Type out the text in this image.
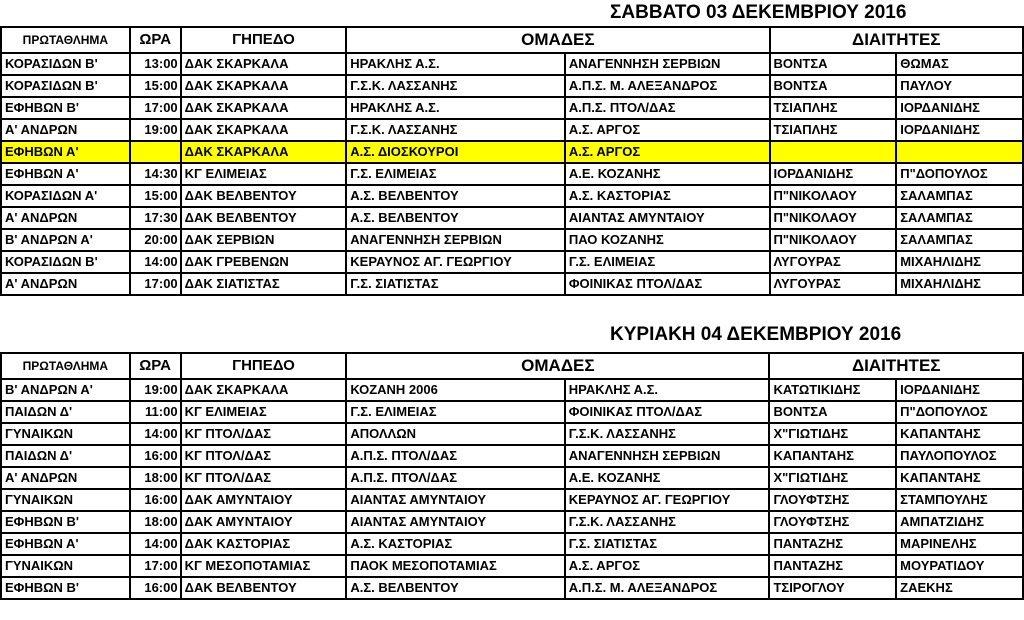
ΣΑΒΒΑΤΟ 03 ΔΕΚΕΜΒΡΙΟΥ 2016
ΠΡΩΤΑΘΛΗΜΑ	ΩΡΑ	ΓΗΠΕΔΟ	ΟΜΑΔΕΣ		ΔΙΑΙΤΗΤΕΣ	
ΚΟΡΑΣΙΔΩΝ Β'	13:00	ΔΑΚ ΣΚΑΡΚΑΛΑ	ΗΡΑΚΛΗΣ Α.Σ.	ΑΝΑΓΕΝΝΗΣΗ ΣΕΡΒΙΩΝ	ΒΟΝΤΣΑ	ΘΩΜΑΣ
ΚΟΡΑΣΙΔΩΝ Β'	15:00	ΔΑΚ ΣΚΑΡΚΑΛΑ	Γ.Σ.Κ. ΛΑΣΣΑΝΗΣ	Α.Π.Σ. Μ. ΑΛΕΞΑΝΔΡΟΣ	ΒΟΝΤΣΑ	ΠΑΥΛΟΥ
ΕΦΗΒΩΝ Β'	17:00	ΔΑΚ ΣΚΑΡΚΑΛΑ	ΗΡΑΚΛΗΣ Α.Σ.	Α.Π.Σ. ΠΤΟΛ/ΔΑΣ	ΤΣΙΑΠΛΗΣ	ΙΟΡΔΑΝΙΔΗΣ
Α' ΑΝΔΡΩΝ	19:00	ΔΑΚ ΣΚΑΡΚΑΛΑ	Γ.Σ.Κ. ΛΑΣΣΑΝΗΣ	Α.Σ. ΑΡΓΟΣ	ΤΣΙΑΠΛΗΣ	ΙΟΡΔΑΝΙΔΗΣ
ΕΦΗΒΩΝ Α'		ΔΑΚ ΣΚΑΡΚΑΛΑ	Α.Σ. ΔΙΟΣΚΟΥΡΟΙ	Α.Σ. ΑΡΓΟΣ		
ΕΦΗΒΩΝ Α'	14:30	ΚΓ ΕΛΙΜΕΙΑΣ	Γ.Σ. ΕΛΙΜΕΙΑΣ	Α.Ε. ΚΟΖΑΝΗΣ	ΙΟΡΔΑΝΙΔΗΣ	Π"ΔΟΠΟΥΛΟΣ
ΚΟΡΑΣΙΔΩΝ Α'	15:00	ΔΑΚ ΒΕΛΒΕΝΤΟΥ	Α.Σ. ΒΕΛΒΕΝΤΟΥ	Α.Σ. ΚΑΣΤΟΡΙΑΣ	Π"ΝΙΚΟΛΑΟΥ	ΣΑΛΑΜΠΑΣ
Α' ΑΝΔΡΩΝ	17:30	ΔΑΚ ΒΕΛΒΕΝΤΟΥ	Α.Σ. ΒΕΛΒΕΝΤΟΥ	ΑΙΑΝΤΑΣ ΑΜΥΝΤΑΙΟΥ	Π"ΝΙΚΟΛΑΟΥ	ΣΑΛΑΜΠΑΣ
Β' ΑΝΔΡΩΝ Α'	20:00	ΔΑΚ ΣΕΡΒΙΩΝ	ΑΝΑΓΕΝΝΗΣΗ ΣΕΡΒΙΩΝ	ΠΑΟ ΚΟΖΑΝΗΣ	Π"ΝΙΚΟΛΑΟΥ	ΣΑΛΑΜΠΑΣ
ΚΟΡΑΣΙΔΩΝ Β'	14:00	ΔΑΚ ΓΡΕΒΕΝΩΝ	ΚΕΡΑΥΝΟΣ ΑΓ. ΓΕΩΡΓΙΟΥ	Γ.Σ. ΕΛΙΜΕΙΑΣ	ΛΥΓΟΥΡΑΣ	ΜΙΧΑΗΛΙΔΗΣ
Α' ΑΝΔΡΩΝ	17:00	ΔΑΚ ΣΙΑΤΙΣΤΑΣ	Γ.Σ. ΣΙΑΤΙΣΤΑΣ	ΦΟΙΝΙΚΑΣ ΠΤΟΛ/ΔΑΣ	ΛΥΓΟΥΡΑΣ	ΜΙΧΑΗΛΙΔΗΣ
ΚΥΡΙΑΚΗ 04 ΔΕΚΕΜΒΡΙΟΥ 2016
ΠΡΩΤΑΘΛΗΜΑ	ΩΡΑ	ΓΗΠΕΔΟ	ΟΜΑΔΕΣ		ΔΙΑΙΤΗΤΕΣ	
Β' ΑΝΔΡΩΝ Α'	19:00	ΔΑΚ ΣΚΑΡΚΑΛΑ	ΚΟΖΑΝΗ 2006	ΗΡΑΚΛΗΣ Α.Σ.	ΚΑΤΩΤΙΚΙΔΗΣ	ΙΟΡΔΑΝΙΔΗΣ
ΠΑΙΔΩΝ Δ'	11:00	ΚΓ ΕΛΙΜΕΙΑΣ	Γ.Σ. ΕΛΙΜΕΙΑΣ	ΦΟΙΝΙΚΑΣ ΠΤΟΛ/ΔΑΣ	ΒΟΝΤΣΑ	Π"ΔΟΠΟΥΛΟΣ
ΓΥΝΑΙΚΩΝ	14:00	ΚΓ ΠΤΟΛ/ΔΑΣ	ΑΠΟΛΛΩΝ	Γ.Σ.Κ. ΛΑΣΣΑΝΗΣ	Χ"ΓΙΩΤΙΔΗΣ	ΚΑΠΑΝΤΑΗΣ
ΠΑΙΔΩΝ Δ'	16:00	ΚΓ ΠΤΟΛ/ΔΑΣ	Α.Π.Σ. ΠΤΟΛ/ΔΑΣ	ΑΝΑΓΕΝΝΗΣΗ ΣΕΡΒΙΩΝ	ΚΑΠΑΝΤΑΗΣ	ΠΑΥΛΟΠΟΥΛΟΣ
Α' ΑΝΔΡΩΝ	18:00	ΚΓ ΠΤΟΛ/ΔΑΣ	Α.Π.Σ. ΠΤΟΛ/ΔΑΣ	Α.Ε. ΚΟΖΑΝΗΣ	Χ"ΓΙΩΤΙΔΗΣ	ΚΑΠΑΝΤΑΗΣ
ΓΥΝΑΙΚΩΝ	16:00	ΔΑΚ ΑΜΥΝΤΑΙΟΥ	ΑΙΑΝΤΑΣ ΑΜΥΝΤΑΙΟΥ	ΚΕΡΑΥΝΟΣ ΑΓ. ΓΕΩΡΓΙΟΥ	ΓΛΟΥΦΤΣΗΣ	ΣΤΑΜΠΟΥΛΗΣ
ΕΦΗΒΩΝ Β'	18:00	ΔΑΚ ΑΜΥΝΤΑΙΟΥ	ΑΙΑΝΤΑΣ ΑΜΥΝΤΑΙΟΥ	Γ.Σ.Κ. ΛΑΣΣΑΝΗΣ	ΓΛΟΥΦΤΣΗΣ	ΑΜΠΑΤΖΙΔΗΣ
ΕΦΗΒΩΝ Α'	14:00	ΔΑΚ ΚΑΣΤΟΡΙΑΣ	Α.Σ. ΚΑΣΤΟΡΙΑΣ	Γ.Σ. ΣΙΑΤΙΣΤΑΣ	ΠΑΝΤΑΖΗΣ	ΜΑΡΙΝΕΛΗΣ
ΓΥΝΑΙΚΩΝ	17:00	ΚΓ ΜΕΣΟΠΟΤΑΜΙΑΣ	ΠΑΟΚ ΜΕΣΟΠΟΤΑΜΙΑΣ	Α.Σ. ΑΡΓΟΣ	ΠΑΝΤΑΖΗΣ	ΜΟΥΡΑΤΙΔΟΥ
ΕΦΗΒΩΝ Β'	16:00	ΔΑΚ ΒΕΛΒΕΝΤΟΥ	Α.Σ. ΒΕΛΒΕΝΤΟΥ	Α.Π.Σ. Μ. ΑΛΕΞΑΝΔΡΟΣ	ΤΣΙΡΟΓΛΟΥ	ΖΑΕΚΗΣ
